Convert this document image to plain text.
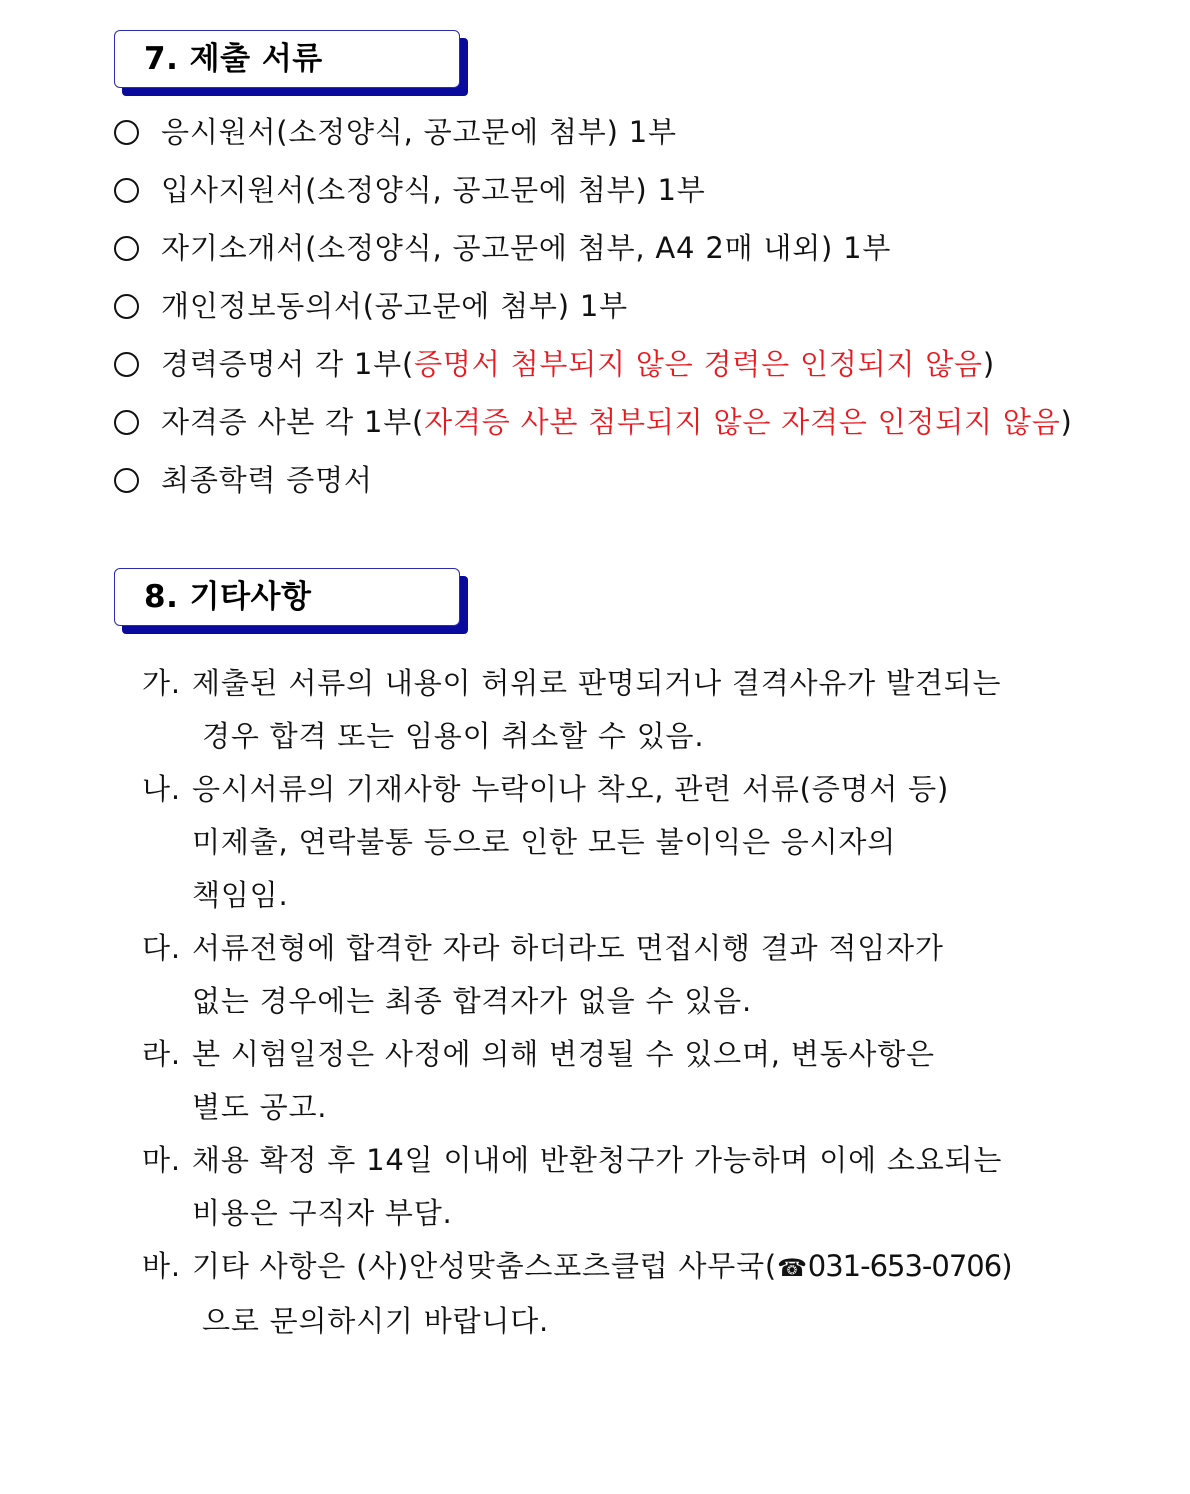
7. 제출 서류
응시원서(소정양식, 공고문에 첨부) 1부
입사지원서(소정양식, 공고문에 첨부) 1부
자기소개서(소정양식, 공고문에 첨부, A4 2매 내외) 1부
개인정보동의서(공고문에 첨부) 1부
경력증명서 각 1부( 증명서 첨부되지 않은 경력은 인정되지 않음 )
자격증 사본 각 1부( 자격증 사본 첨부되지 않은 자격은 인정되지 않음 )
최종학력 증명서
8. 기타사항
가. 제출된 서류의 내용이 허위로 판명되거나 결격사유가 발견되는
경우 합격 또는 임용이 취소할 수 있음.
나. 응시서류의 기재사항 누락이나 착오, 관련 서류(증명서 등)
미제출, 연락불통 등으로 인한 모든 불이익은 응시자의
책임임.
다. 서류전형에 합격한 자라 하더라도 면접시행 결과 적임자가
없는 경우에는 최종 합격자가 없을 수 있음.
라. 본 시험일정은 사정에 의해 변경될 수 있으며, 변동사항은
별도 공고.
마. 채용 확정 후 14일 이내에 반환청구가 가능하며 이에 소요되는
비용은 구직자 부담.
바. 기타 사항은 (사)안성맞춤스포츠클럽 사무국(☎031-653-0706)
으로 문의하시기 바랍니다.
